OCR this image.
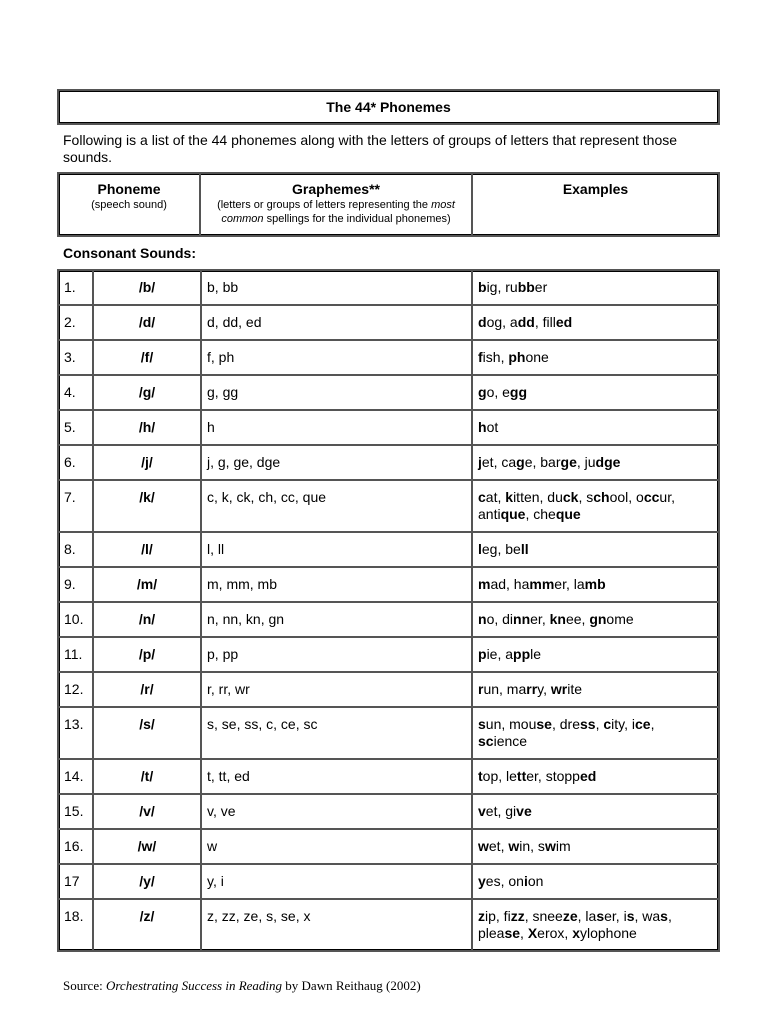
The 44* Phonemes
Following is a list of the 44 phonemes along with the letters of groups of letters that represent those sounds.
Phoneme
(speech sound)

Graphemes**
(letters or groups of letters representing the most
common spellings for the individual phonemes)

Examples
Consonant Sounds:
1.	/b/	b, bb	big, rubber
2.	/d/	d, dd, ed	dog, add, filled
3.	/f/	f, ph	fish, phone
4.	/g/	g, gg	go, egg
5.	/h/	h	hot
6.	/j/	j, g, ge, dge	jet, cage, barge, judge
7.	/k/	c, k, ck, ch, cc, que	cat, kitten, duck, school, occur,
antique, cheque
8.	/l/	l, ll	leg, bell
9.	/m/	m, mm, mb	mad, hammer, lamb
10.	/n/	n, nn, kn, gn	no, dinner, knee, gnome
11.	/p/	p, pp	pie, apple
12.	/r/	r, rr, wr	run, marry, write
13.	/s/	s, se, ss, c, ce, sc	sun, mouse, dress, city, ice,
science
14.	/t/	t, tt, ed	top, letter, stopped
15.	/v/	v, ve	vet, give
16.	/w/	w	wet, win, swim
17	/y/	y, i	yes, onion
18.	/z/	z, zz, ze, s, se, x	zip, fizz, sneeze, laser, is, was,
please, Xerox, xylophone
Source: Orchestrating Success in Reading by Dawn Reithaug (2002)
